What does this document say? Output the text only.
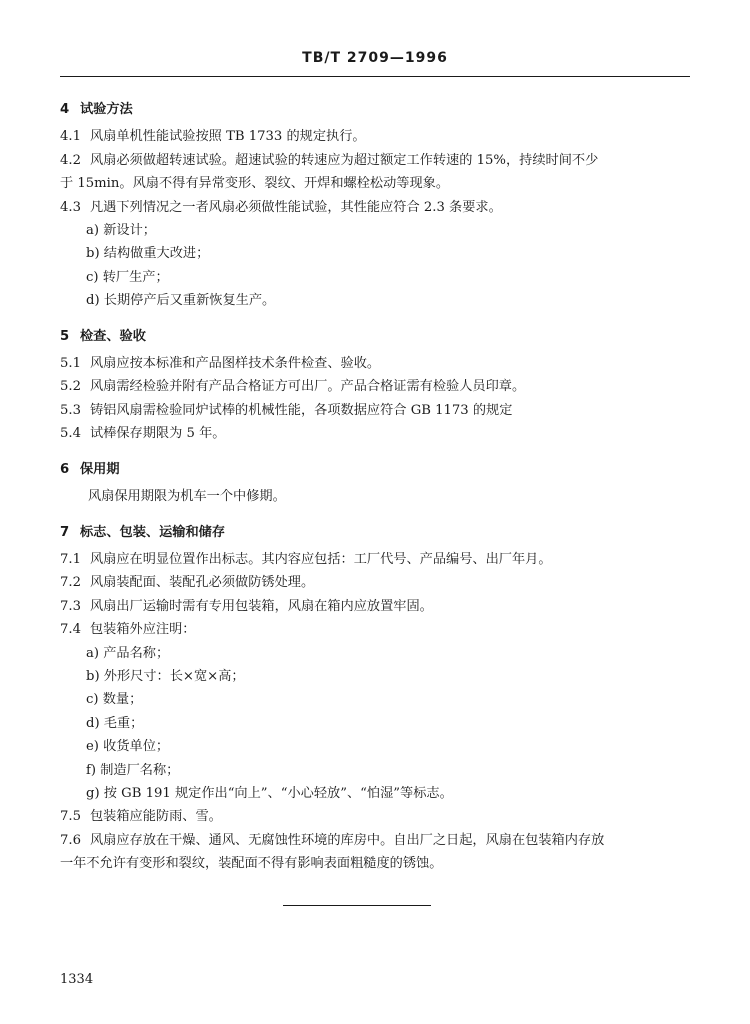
TB/T 2709—1996
4 试验方法
4.1 风扇单机性能试验按照 TB 1733 的规定执行。
4.2 风扇必须做超转速试验。超速试验的转速应为超过额定工作转速的 15%，持续时间不少
于 15min。风扇不得有异常变形、裂纹、开焊和螺栓松动等现象。
4.3 凡遇下列情况之一者风扇必须做性能试验，其性能应符合 2.3 条要求。
a) 新设计；
b) 结构做重大改进；
c) 转厂生产；
d) 长期停产后又重新恢复生产。
5 检查、验收
5.1 风扇应按本标准和产品图样技术条件检查、验收。
5.2 风扇需经检验并附有产品合格证方可出厂。产品合格证需有检验人员印章。
5.3 铸铝风扇需检验同炉试棒的机械性能，各项数据应符合 GB 1173 的规定
5.4 试棒保存期限为 5 年。
6 保用期
风扇保用期限为机车一个中修期。
7 标志、包装、运输和储存
7.1 风扇应在明显位置作出标志。其内容应包括：工厂代号、产品编号、出厂年月。
7.2 风扇装配面、装配孔必须做防锈处理。
7.3 风扇出厂运输时需有专用包装箱，风扇在箱内应放置牢固。
7.4 包装箱外应注明：
a) 产品名称；
b) 外形尺寸：长×宽×高；
c) 数量；
d) 毛重；
e) 收货单位；
f) 制造厂名称；
g) 按 GB 191 规定作出“向上”、“小心轻放”、“怕湿”等标志。
7.5 包装箱应能防雨、雪。
7.6 风扇应存放在干燥、通风、无腐蚀性环境的库房中。自出厂之日起，风扇在包装箱内存放
一年不允许有变形和裂纹，装配面不得有影响表面粗糙度的锈蚀。
1334
